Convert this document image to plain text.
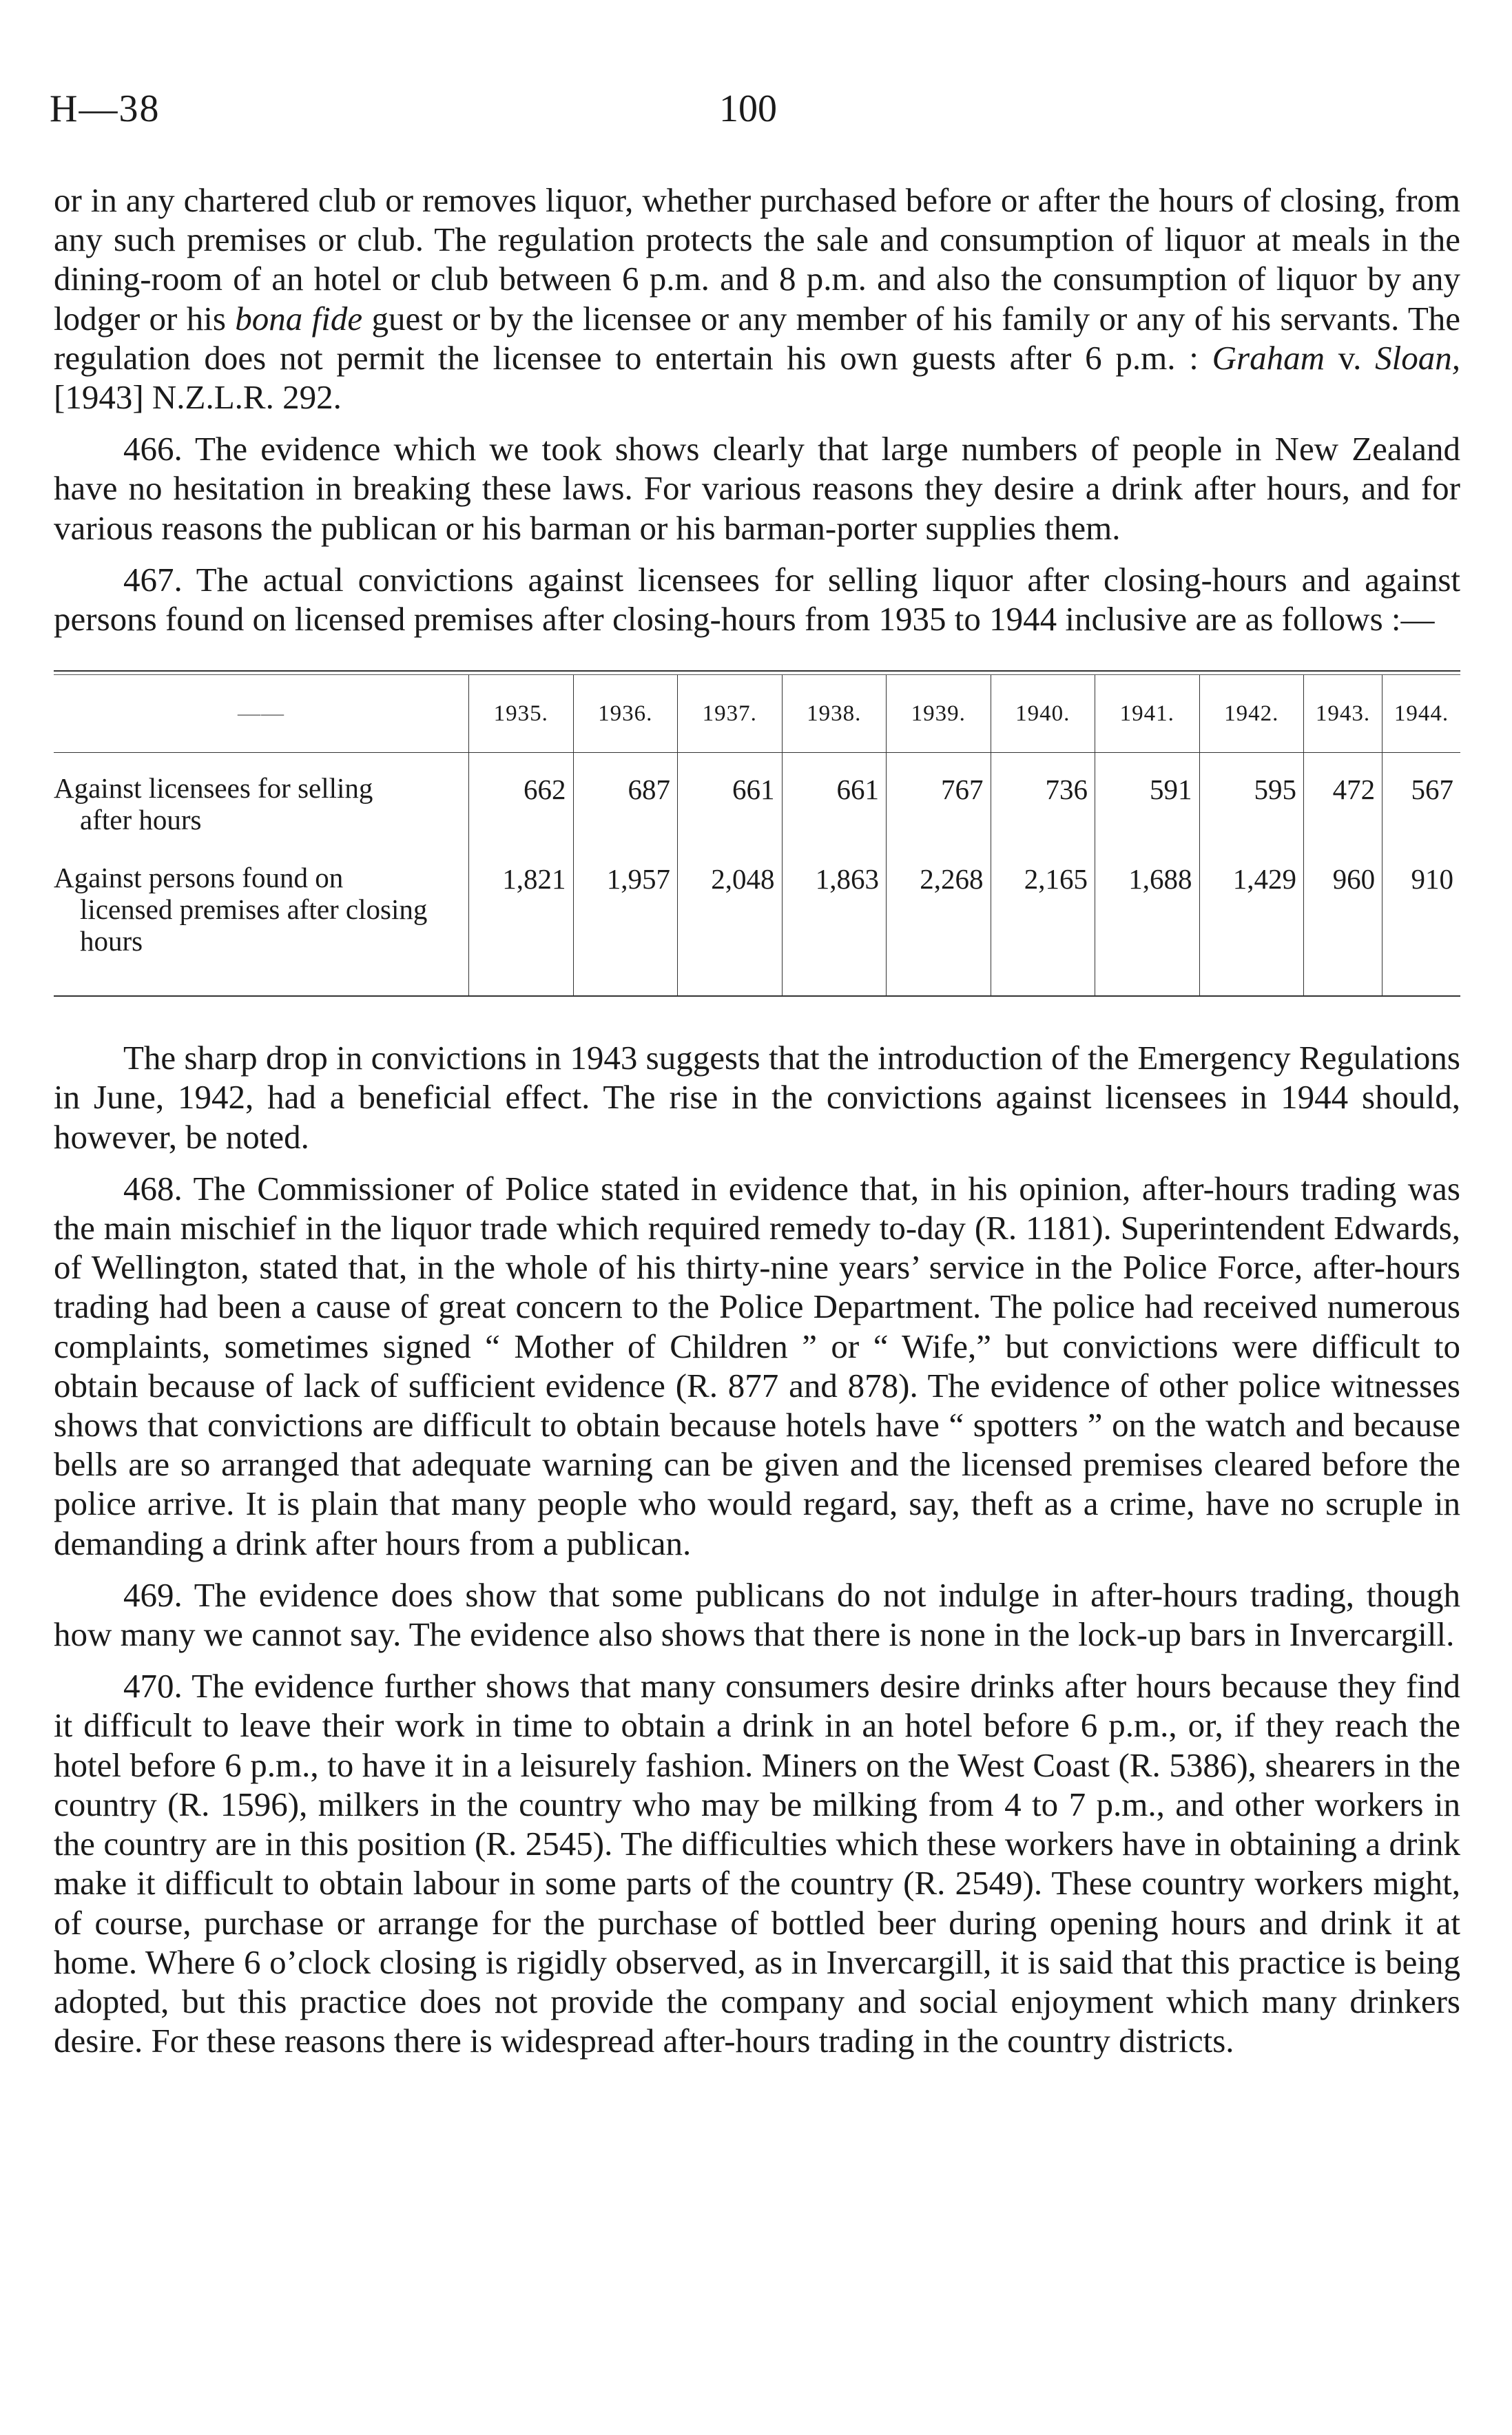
H—38	100

or in any chartered club or removes liquor, whether purchased before or after the hours of closing, from any such premises or club. The regulation protects the sale and consumption of liquor at meals in the dining-room of an hotel or club between 6 p.m. and 8 p.m. and also the consumption of liquor by any lodger or his bona fide guest or by the licensee or any member of his family or any of his servants. The regulation does not permit the licensee to entertain his own guests after 6 p.m. : Graham v. Sloan, [1943] N.Z.L.R. 292.

466. The evidence which we took shows clearly that large numbers of people in New Zealand have no hesitation in breaking these laws. For various reasons they desire a drink after hours, and for various reasons the publican or his barman or his barman-porter supplies them.

467. The actual convictions against licensees for selling liquor after closing-hours and against persons found on licensed premises after closing-hours from 1935 to 1944 inclusive are as follows :—

——	1935.	1936.	1937.	1938.	1939.	1940.	1941.	1942.	1943.	1944.

Against licensees for selling
after hours	662	687	661	661	767	736	591	595	472	567

Against persons found on
licensed premises after closing hours	1,821	1,957	2,048	1,863	2,268	2,165	1,688	1,429	960	910

The sharp drop in convictions in 1943 suggests that the introduction of the Emergency Regulations in June, 1942, had a beneficial effect. The rise in the convictions against licensees in 1944 should, however, be noted.

468. The Commissioner of Police stated in evidence that, in his opinion, after-hours trading was the main mischief in the liquor trade which required remedy to-day (R. 1181). Superintendent Edwards, of Wellington, stated that, in the whole of his thirty-nine years’ service in the Police Force, after-hours trading had been a cause of great concern to the Police Department. The police had received numerous complaints, sometimes signed “ Mother of Children ” or “ Wife,” but convictions were difficult to obtain because of lack of sufficient evidence (R. 877 and 878). The evidence of other police witnesses shows that convictions are difficult to obtain because hotels have “ spotters ” on the watch and because bells are so arranged that adequate warning can be given and the licensed premises cleared before the police arrive. It is plain that many people who would regard, say, theft as a crime, have no scruple in demanding a drink after hours from a publican.

469. The evidence does show that some publicans do not indulge in after-hours trading, though how many we cannot say. The evidence also shows that there is none in the lock-up bars in Invercargill.

470. The evidence further shows that many consumers desire drinks after hours because they find it difficult to leave their work in time to obtain a drink in an hotel before 6 p.m., or, if they reach the hotel before 6 p.m., to have it in a leisurely fashion. Miners on the West Coast (R. 5386), shearers in the country (R. 1596), milkers in the country who may be milking from 4 to 7 p.m., and other workers in the country are in this position (R. 2545). The difficulties which these workers have in obtaining a drink make it difficult to obtain labour in some parts of the country (R. 2549). These country workers might, of course, purchase or arrange for the purchase of bottled beer during opening hours and drink it at home. Where 6 o’clock closing is rigidly observed, as in Invercargill, it is said that this practice is being adopted, but this practice does not provide the company and social enjoyment which many drinkers desire. For these reasons there is widespread after-hours trading in the country districts.
